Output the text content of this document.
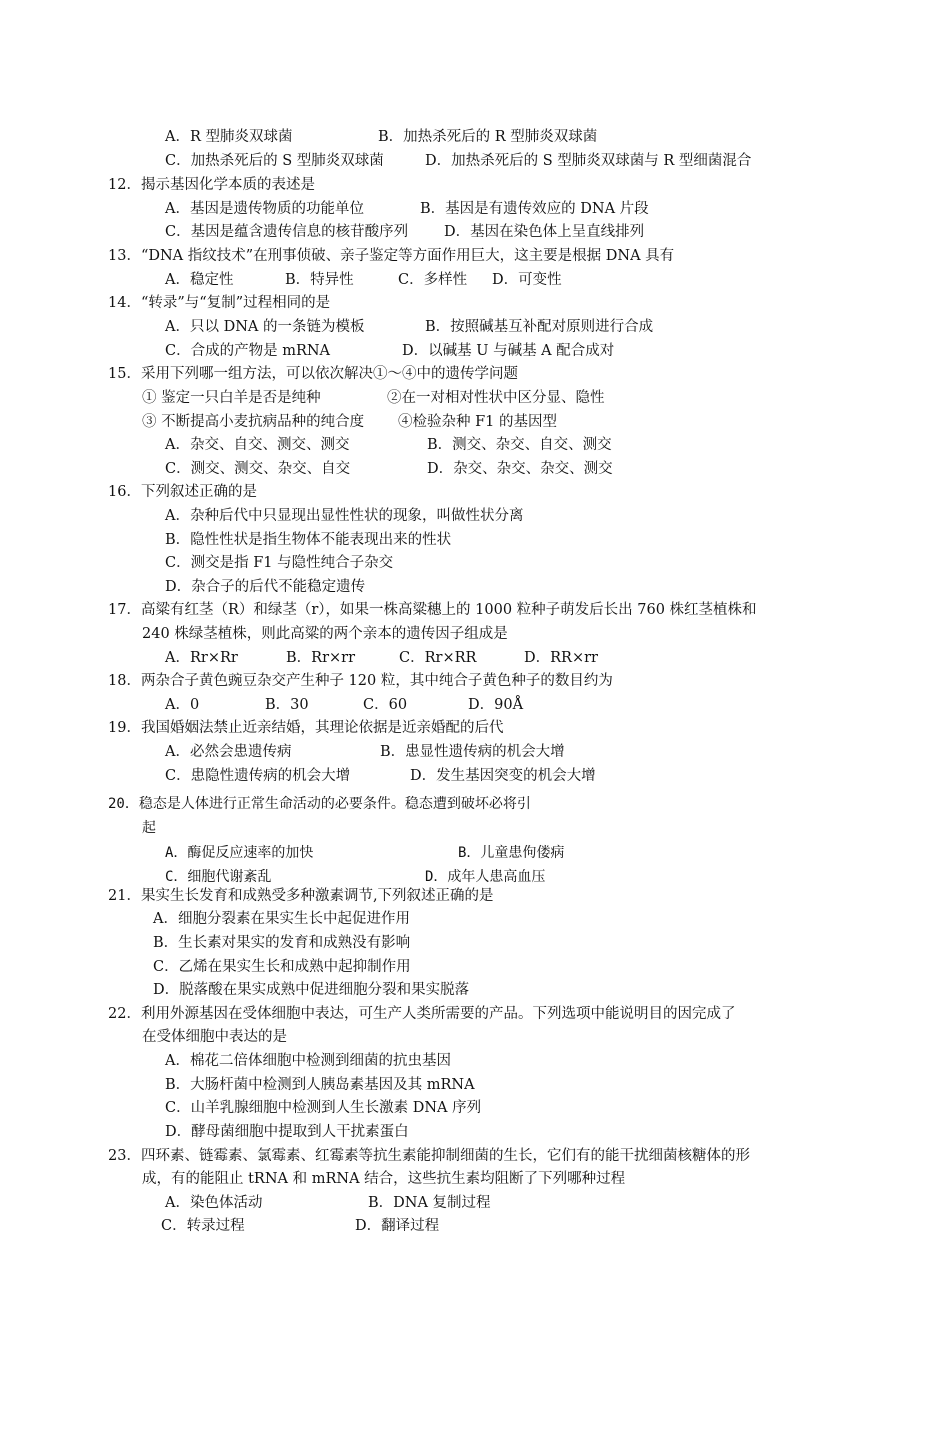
A．R 型肺炎双球菌	B．加热杀死后的 R 型肺炎双球菌
C．加热杀死后的 S 型肺炎双球菌	D．加热杀死后的 S 型肺炎双球菌与 R 型细菌混合
12．揭示基因化学本质的表述是
A．基因是遗传物质的功能单位	B．基因是有遗传效应的 DNA 片段
C．基因是蕴含遗传信息的核苷酸序列 D．基因在染色体上呈直线排列
13．“DNA 指纹技术”在刑事侦破、亲子鉴定等方面作用巨大，这主要是根据 DNA 具有
A．稳定性	B．特异性	C．多样性 D．可变性
14．“转录”与“复制”过程相同的是
A．只以 DNA 的一条链为模板	B．按照碱基互补配对原则进行合成
C．合成的产物是 mRNA	D．以碱基 U 与碱基 A 配合成对
15．采用下列哪一组方法，可以依次解决①～④中的遗传学问题
① 鉴定一只白羊是否是纯种	②在一对相对性状中区分显、隐性
③ 不断提高小麦抗病品种的纯合度 ④检验杂种 F1 的基因型
A．杂交、自交、测交、测交	B．测交、杂交、自交、测交
C．测交、测交、杂交、自交	D．杂交、杂交、杂交、测交
16．下列叙述正确的是
A．杂种后代中只显现出显性性状的现象，叫做性状分离
B．隐性性状是指生物体不能表现出来的性状
C．测交是指 F1 与隐性纯合子杂交
D．杂合子的后代不能稳定遗传
17．高粱有红茎（R）和绿茎（r），如果一株高粱穗上的 1000 粒种子萌发后长出 760 株红茎植株和
240 株绿茎植株，则此高粱的两个亲本的遗传因子组成是
A．Rr×Rr	B．Rr×rr	C．Rr×RR	D．RR×rr
18．两杂合子黄色豌豆杂交产生种子 120 粒，其中纯合子黄色种子的数目约为
A．0	B．30	C．60	D．90Å
19．我国婚姻法禁止近亲结婚，其理论依据是近亲婚配的后代
A．必然会患遗传病	B．患显性遗传病的机会大增
C．患隐性遗传病的机会大增	D．发生基因突变的机会大增
20．稳态是人体进行正常生命活动的必要条件。稳态遭到破坏必将引
起
A．酶促反应速率的加快	B．儿童患佝偻病
C．细胞代谢紊乱	D．成年人患高血压
21．果实生长发育和成熟受多种激素调节,下列叙述正确的是
A．细胞分裂素在果实生长中起促进作用
B．生长素对果实的发育和成熟没有影响
C．乙烯在果实生长和成熟中起抑制作用
D．脱落酸在果实成熟中促进细胞分裂和果实脱落
22．利用外源基因在受体细胞中表达，可生产人类所需要的产品。下列选项中能说明目的因完成了
在受体细胞中表达的是
A．棉花二倍体细胞中检测到细菌的抗虫基因
B．大肠杆菌中检测到人胰岛素基因及其 mRNA
C．山羊乳腺细胞中检测到人生长激素 DNA 序列
D．酵母菌细胞中提取到人干扰素蛋白
23．四环素、链霉素、氯霉素、红霉素等抗生素能抑制细菌的生长，它们有的能干扰细菌核糖体的形
成，有的能阻止 tRNA 和 mRNA 结合，这些抗生素均阻断了下列哪种过程
A．染色体活动	B．DNA 复制过程
C．转录过程	D．翻译过程
